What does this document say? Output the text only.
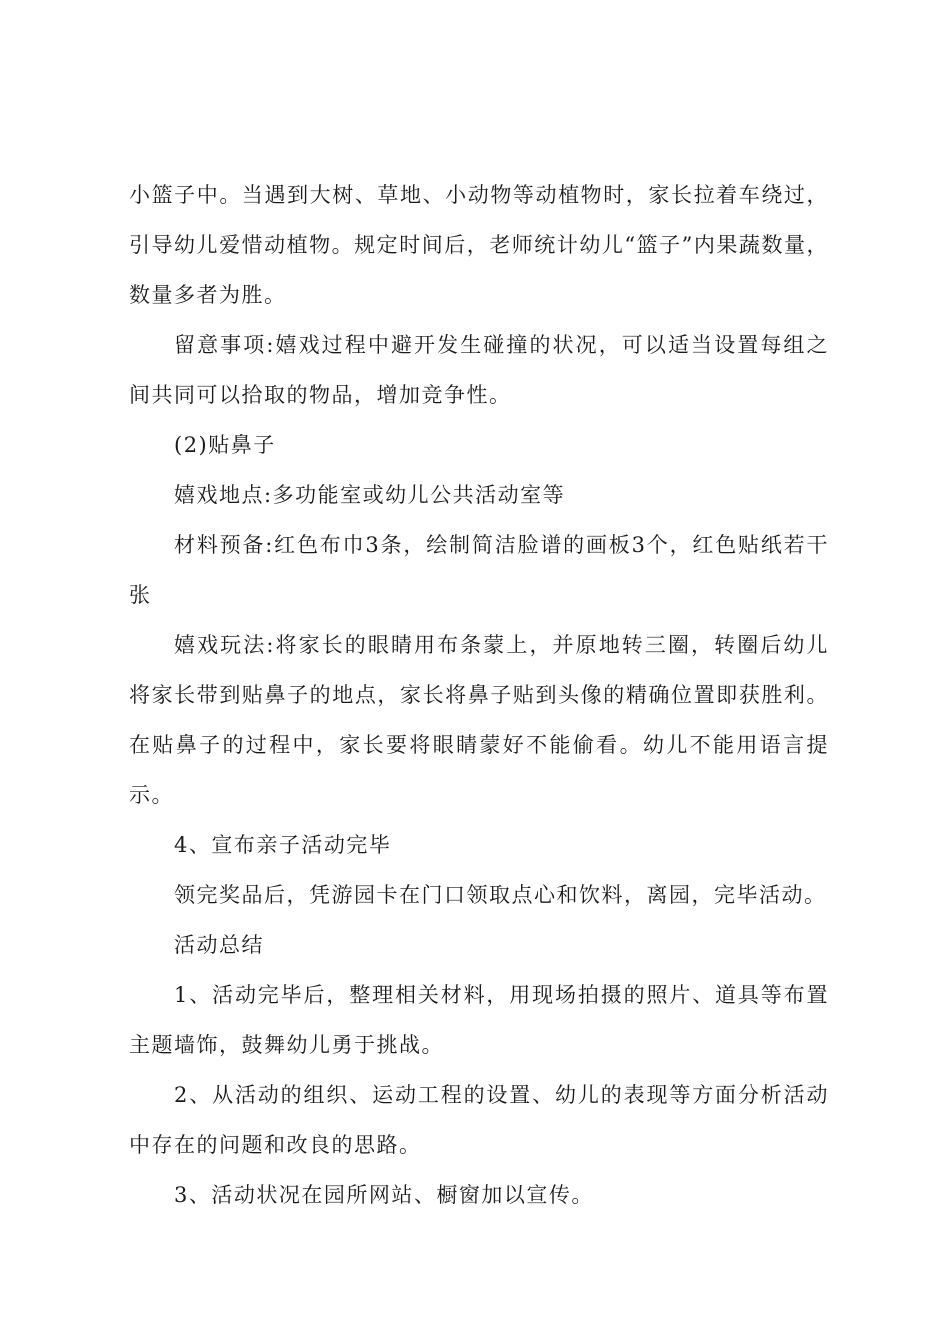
小篮子中。当遇到大树、草地、小动物等动植物时，家长拉着车绕过，引导幼儿爱惜动植物。规定时间后，老师统计幼儿“篮子”内果蔬数量，数量多者为胜。

留意事项:嬉戏过程中避开发生碰撞的状况，可以适当设置每组之间共同可以拾取的物品，增加竞争性。

(2)贴鼻子

嬉戏地点:多功能室或幼儿公共活动室等

材料预备:红色布巾3条，绘制简洁脸谱的画板3个，红色贴纸若干张

嬉戏玩法:将家长的眼睛用布条蒙上，并原地转三圈，转圈后幼儿将家长带到贴鼻子的地点，家长将鼻子贴到头像的精确位置即获胜利。在贴鼻子的过程中，家长要将眼睛蒙好不能偷看。幼儿不能用语言提示。

4、宣布亲子活动完毕

领完奖品后，凭游园卡在门口领取点心和饮料，离园，完毕活动。

活动总结

1、活动完毕后，整理相关材料，用现场拍摄的照片、道具等布置主题墙饰，鼓舞幼儿勇于挑战。

2、从活动的组织、运动工程的设置、幼儿的表现等方面分析活动中存在的问题和改良的思路。

3、活动状况在园所网站、橱窗加以宣传。
